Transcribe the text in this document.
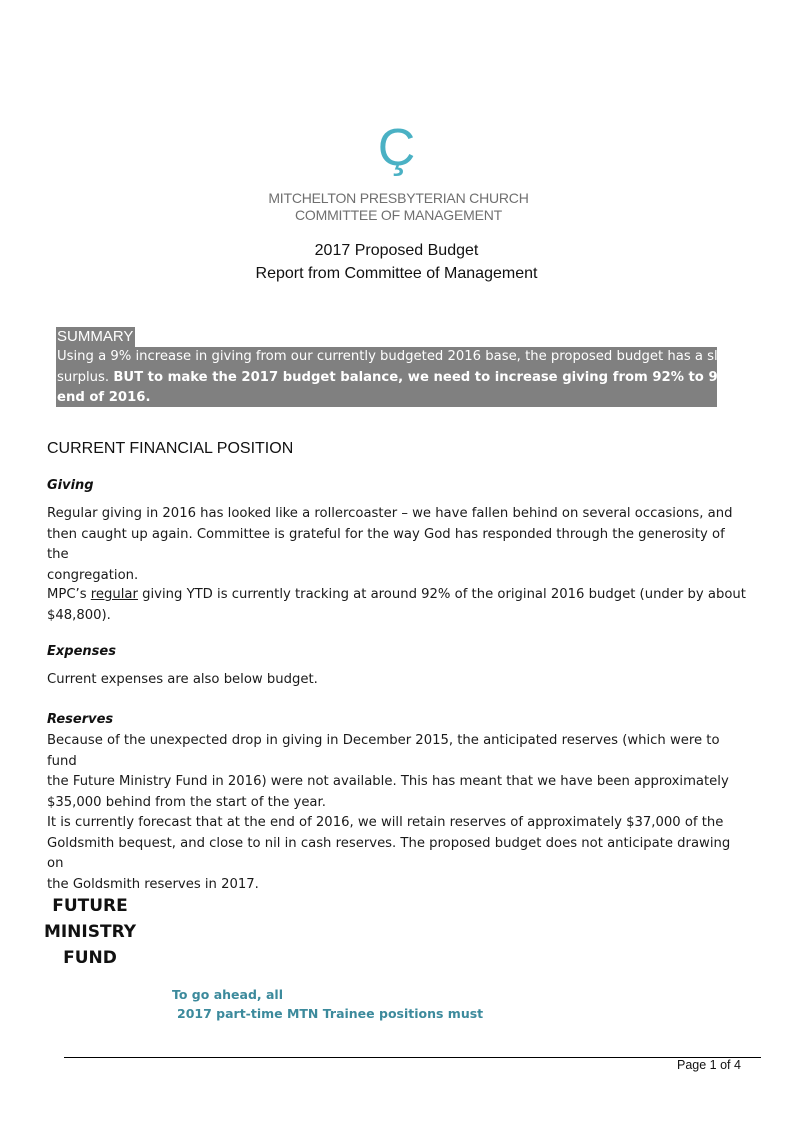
Ç
MITCHELTON PRESBYTERIAN CHURCH
COMMITTEE OF MANAGEMENT
2017 Proposed Budget
Report from Committee of Management
SUMMARY
Using a 9% increase in giving from our currently budgeted 2016 base, the proposed budget has a slight
surplus. BUT to make the 2017 budget balance, we need to increase giving from 92% to 95% by the
end of 2016.
CURRENT FINANCIAL POSITION
Giving
Regular giving in 2016 has looked like a rollercoaster – we have fallen behind on several occasions, and
then caught up again. Committee is grateful for the way God has responded through the generosity of the
congregation.
MPC’s regular giving YTD is currently tracking at around 92% of the original 2016 budget (under by about
$48,800).
Expenses
Current expenses are also below budget.
Reserves
Because of the unexpected drop in giving in December 2015, the anticipated reserves (which were to fund
the Future Ministry Fund in 2016) were not available. This has meant that we have been approximately
$35,000 behind from the start of the year.
It is currently forecast that at the end of 2016, we will retain reserves of approximately $37,000 of the
Goldsmith bequest, and close to nil in cash reserves. The proposed budget does not anticipate drawing on
the Goldsmith reserves in 2017.
FUTURE
MINISTRY
FUND
To go ahead, all
2017 part-time MTN Trainee positions must
Page 1 of 4
